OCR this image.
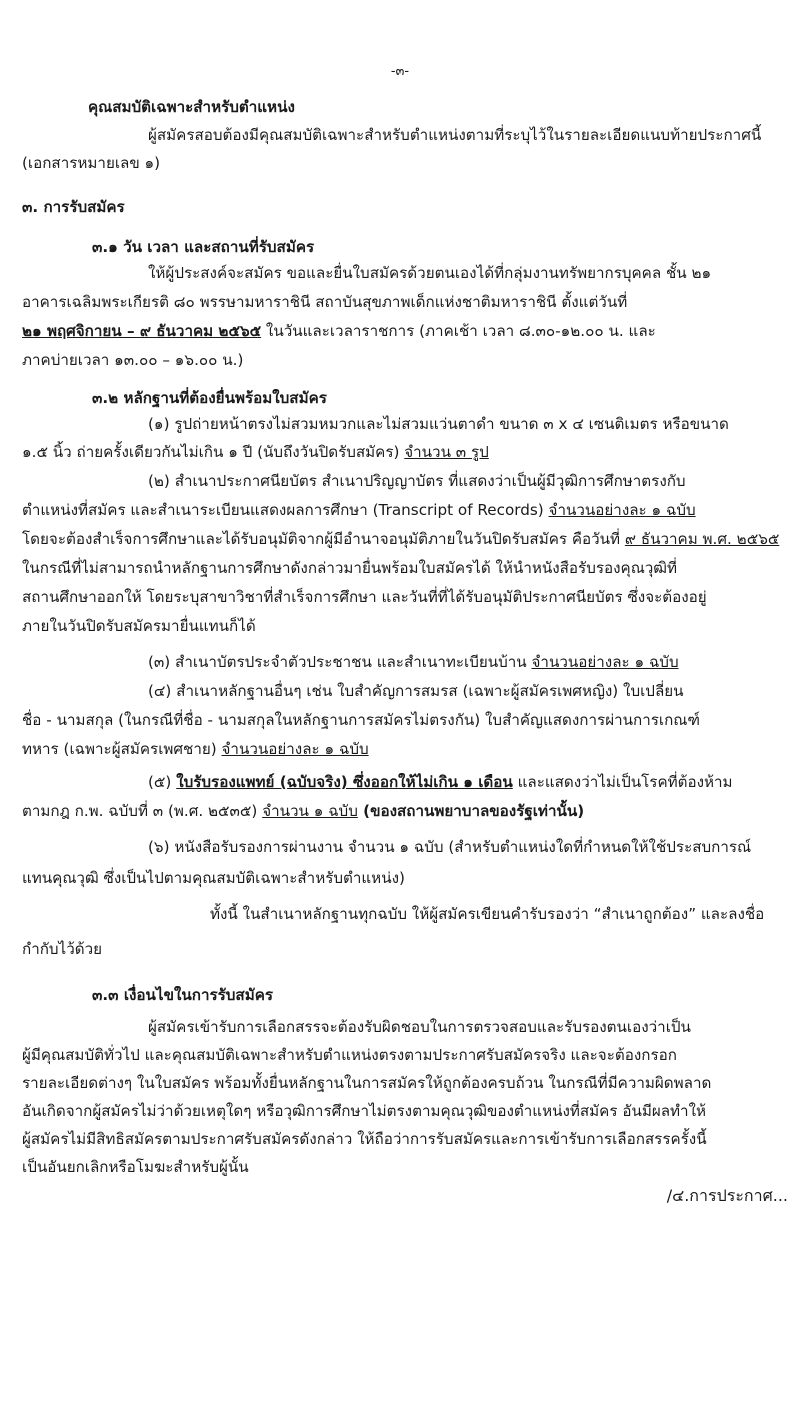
-๓-
คุณสมบัติเฉพาะสำหรับตำแหน่ง
ผู้สมัครสอบต้องมีคุณสมบัติเฉพาะสำหรับตำแหน่งตามที่ระบุไว้ในรายละเอียดแนบท้ายประกาศนี้
(เอกสารหมายเลข ๑)
๓. การรับสมัคร
๓.๑ วัน เวลา และสถานที่รับสมัคร
ให้ผู้ประสงค์จะสมัคร ขอและยื่นใบสมัครด้วยตนเองได้ที่กลุ่มงานทรัพยากรบุคคล ชั้น ๒๑
อาคารเฉลิมพระเกียรติ ๘๐ พรรษามหาราชินี สถาบันสุขภาพเด็กแห่งชาติมหาราชินี ตั้งแต่วันที่
๒๑ พฤศจิกายน – ๙ ธันวาคม ๒๕๖๕ ในวันและเวลาราชการ (ภาคเช้า เวลา ๘.๓๐-๑๒.๐๐ น. และ
ภาคบ่ายเวลา ๑๓.๐๐ – ๑๖.๐๐ น.)
๓.๒ หลักฐานที่ต้องยื่นพร้อมใบสมัคร
(๑) รูปถ่ายหน้าตรงไม่สวมหมวกและไม่สวมแว่นตาดำ ขนาด ๓ x ๔ เซนติเมตร หรือขนาด
๑.๕ นิ้ว ถ่ายครั้งเดียวกันไม่เกิน ๑ ปี (นับถึงวันปิดรับสมัคร) จำนวน ๓ รูป
(๒) สำเนาประกาศนียบัตร สำเนาปริญญาบัตร ที่แสดงว่าเป็นผู้มีวุฒิการศึกษาตรงกับ
ตำแหน่งที่สมัคร และสำเนาระเบียนแสดงผลการศึกษา (Transcript of Records) จำนวนอย่างละ ๑ ฉบับ
โดยจะต้องสำเร็จการศึกษาและได้รับอนุมัติจากผู้มีอำนาจอนุมัติภายในวันปิดรับสมัคร คือวันที่ ๙ ธันวาคม พ.ศ. ๒๕๖๕
ในกรณีที่ไม่สามารถนำหลักฐานการศึกษาดังกล่าวมายื่นพร้อมใบสมัครได้ ให้นำหนังสือรับรองคุณวุฒิที่
สถานศึกษาออกให้ โดยระบุสาขาวิชาที่สำเร็จการศึกษา และวันที่ที่ได้รับอนุมัติประกาศนียบัตร ซึ่งจะต้องอยู่
ภายในวันปิดรับสมัครมายื่นแทนก็ได้
(๓) สำเนาบัตรประจำตัวประชาชน และสำเนาทะเบียนบ้าน จำนวนอย่างละ ๑ ฉบับ
(๔) สำเนาหลักฐานอื่นๆ เช่น ใบสำคัญการสมรส (เฉพาะผู้สมัครเพศหญิง) ใบเปลี่ยน
ชื่อ - นามสกุล (ในกรณีที่ชื่อ - นามสกุลในหลักฐานการสมัครไม่ตรงกัน) ใบสำคัญแสดงการผ่านการเกณฑ์
ทหาร (เฉพาะผู้สมัครเพศชาย) จำนวนอย่างละ ๑ ฉบับ
(๕) ใบรับรองแพทย์ (ฉบับจริง) ซึ่งออกให้ไม่เกิน ๑ เดือน และแสดงว่าไม่เป็นโรคที่ต้องห้าม
ตามกฎ ก.พ. ฉบับที่ ๓ (พ.ศ. ๒๕๓๕) จำนวน ๑ ฉบับ (ของสถานพยาบาลของรัฐเท่านั้น)
(๖) หนังสือรับรองการผ่านงาน จำนวน ๑ ฉบับ (สำหรับตำแหน่งใดที่กำหนดให้ใช้ประสบการณ์
แทนคุณวุฒิ ซึ่งเป็นไปตามคุณสมบัติเฉพาะสำหรับตำแหน่ง)
ทั้งนี้ ในสำเนาหลักฐานทุกฉบับ ให้ผู้สมัครเขียนคำรับรองว่า “สำเนาถูกต้อง” และลงชื่อ
กำกับไว้ด้วย
๓.๓ เงื่อนไขในการรับสมัคร
ผู้สมัครเข้ารับการเลือกสรรจะต้องรับผิดชอบในการตรวจสอบและรับรองตนเองว่าเป็น
ผู้มีคุณสมบัติทั่วไป และคุณสมบัติเฉพาะสำหรับตำแหน่งตรงตามประกาศรับสมัครจริง และจะต้องกรอก
รายละเอียดต่างๆ ในใบสมัคร พร้อมทั้งยื่นหลักฐานในการสมัครให้ถูกต้องครบถ้วน ในกรณีที่มีความผิดพลาด
อันเกิดจากผู้สมัครไม่ว่าด้วยเหตุใดๆ หรือวุฒิการศึกษาไม่ตรงตามคุณวุฒิของตำแหน่งที่สมัคร อันมีผลทำให้
ผู้สมัครไม่มีสิทธิสมัครตามประกาศรับสมัครดังกล่าว ให้ถือว่าการรับสมัครและการเข้ารับการเลือกสรรครั้งนี้
เป็นอันยกเลิกหรือโมฆะสำหรับผู้นั้น
/๔.การประกาศ...
